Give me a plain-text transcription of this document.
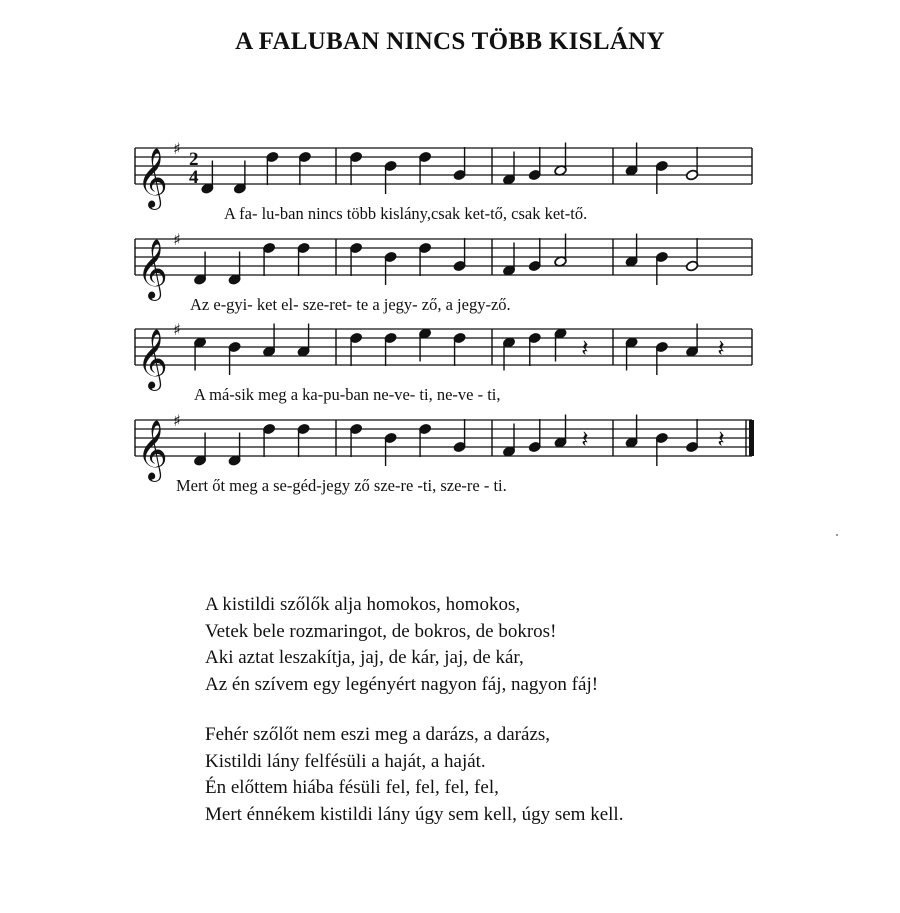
A FALUBAN NINCS TÖBB KISLÁNY
𝄞 ♯
2
4
A fa- lu-ban nincs több kislány,csak ket-tő, csak ket-tő.
𝄞 ♯
Az e-gyi- ket el- sze-ret- te a jegy- ző, a jegy-ző.
𝄞 ♯
𝄽	𝄽
A má-sik meg a ka-pu-ban ne-ve- ti, ne-ve - ti,
𝄞 ♯
𝄽	𝄽
Mert őt meg a se-géd-jegy ző sze-re -ti, sze-re - ti.
A kistildi szőlők alja homokos, homokos,
Vetek bele rozmaringot, de bokros, de bokros!
Aki aztat leszakítja, jaj, de kár, jaj, de kár,
Az én szívem egy legényért nagyon fáj, nagyon fáj!
Fehér szőlőt nem eszi meg a darázs, a darázs,
Kistildi lány felfésüli a haját, a haját.
Én előttem hiába fésüli fel, fel, fel, fel,
Mert énnékem kistildi lány úgy sem kell, úgy sem kell.
